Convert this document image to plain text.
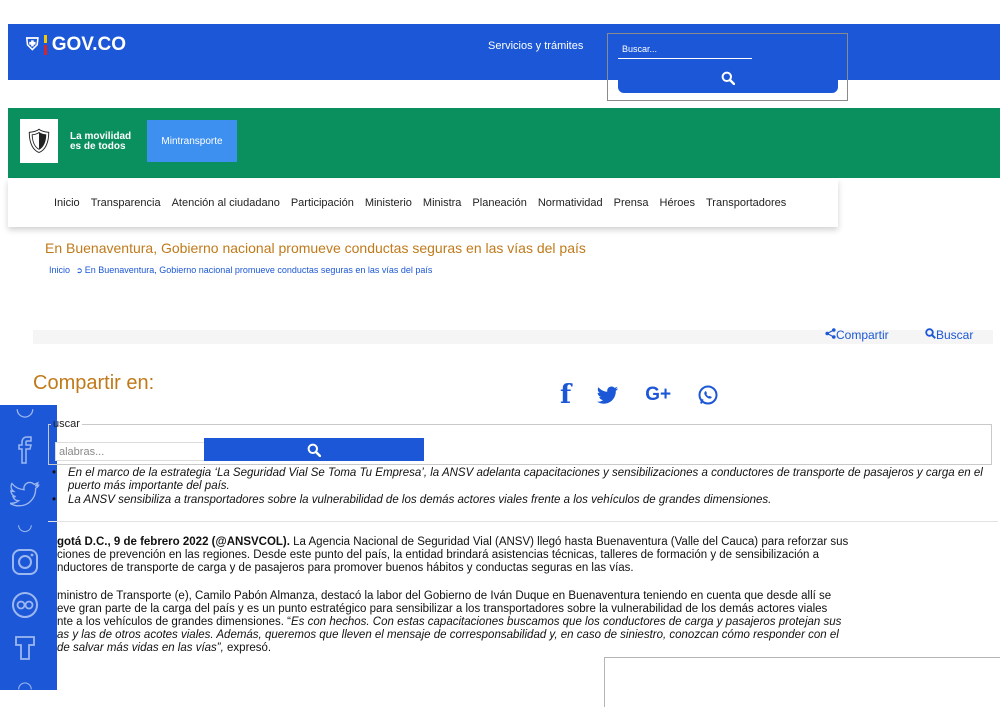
⛨ GOV.CO	Servicios y trámites
Buscar...
🛡	La movilidad
es de todos	Mintransporte
Inicio Transparencia Atención al ciudadano Participación Ministerio Ministra Planeación Normatividad Prensa Héroes Transportadores
En Buenaventura, Gobierno nacional promueve conductas seguras en las vías del país
Inicio ➲ En Buenaventura, Gobierno nacional promueve conductas seguras en las vías del país
Compartir	Buscar
Compartir en:	f	G+
◡
◡
◠
uscar
alabras...
•	En el marco de la estrategia ‘La Seguridad Vial Se Toma Tu Empresa’, la ANSV adelanta capacitaciones y sensibilizaciones a conductores de transporte de pasajeros y carga en el puerto más importante del país.
•	La ANSV sensibiliza a transportadores sobre la vulnerabilidad de los demás actores viales frente a los vehículos de grandes dimensiones.
gotá D.C., 9 de febrero 2022 (@ANSVCOL). La Agencia Nacional de Seguridad Vial (ANSV) llegó hasta Buenaventura (Valle del Cauca) para reforzar sus
ciones de prevención en las regiones. Desde este punto del país, la entidad brindará asistencias técnicas, talleres de formación y de sensibilización a
nductores de transporte de carga y de pasajeros para promover buenos hábitos y conductas seguras en las vías.
ministro de Transporte (e), Camilo Pabón Almanza, destacó la labor del Gobierno de Iván Duque en Buenaventura teniendo en cuenta que desde allí se
eve gran parte de la carga del país y es un punto estratégico para sensibilizar a los transportadores sobre la vulnerabilidad de los demás actores viales
nte a los vehículos de grandes dimensiones. “Es con hechos. Con estas capacitaciones buscamos que los conductores de carga y pasajeros protejan sus
as y las de otros acotes viales. Además, queremos que lleven el mensaje de corresponsabilidad y, en caso de siniestro, conozcan cómo responder con el
de salvar más vidas en las vías”, expresó.
